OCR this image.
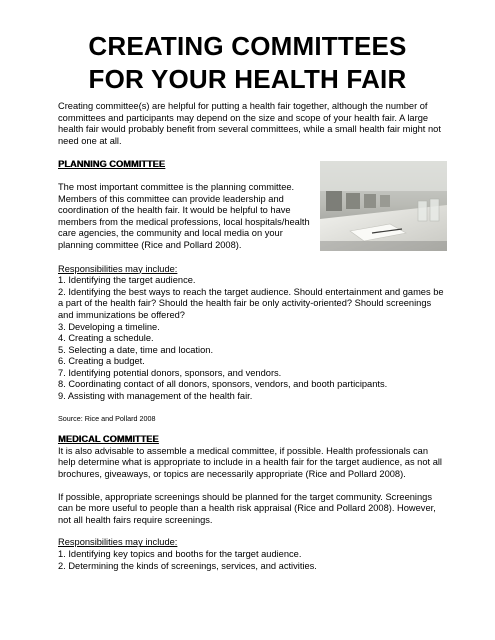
CREATING COMMITTEES
FOR YOUR HEALTH FAIR

Creating committee(s) are helpful for putting a health fair together, although the number of committees and participants may depend on the size and scope of your health fair. A large health fair would probably benefit from several committees, while a small health fair might not need one at all.

PLANNING COMMITTEE

The most important committee is the planning committee. Members of this committee can provide leadership and coordination of the health fair. It would be helpful to have members from the medical professions, local hospitals/health care agencies, the community and local media on your planning committee (Rice and Pollard 2008).

Responsibilities may include:

1. Identifying the target audience.
2. Identifying the best ways to reach the target audience. Should entertainment and games be a part of the health fair? Should the health fair be only activity-oriented? Should screenings and immunizations be offered?
3. Developing a timeline.
4. Creating a schedule.
5. Selecting a date, time and location.
6. Creating a budget.
7. Identifying potential donors, sponsors, and vendors.
8. Coordinating contact of all donors, sponsors, vendors, and booth participants.
9. Assisting with management of the health fair.

Source: Rice and Pollard 2008

MEDICAL COMMITTEE

It is also advisable to assemble a medical committee, if possible. Health professionals can help determine what is appropriate to include in a health fair for the target audience, as not all brochures, giveaways, or topics are necessarily appropriate (Rice and Pollard 2008).

If possible, appropriate screenings should be planned for the target community. Screenings can be more useful to people than a health risk appraisal (Rice and Pollard 2008). However, not all health fairs require screenings.

Responsibilities may include:

1. Identifying key topics and booths for the target audience.
2. Determining the kinds of screenings, services, and activities.
